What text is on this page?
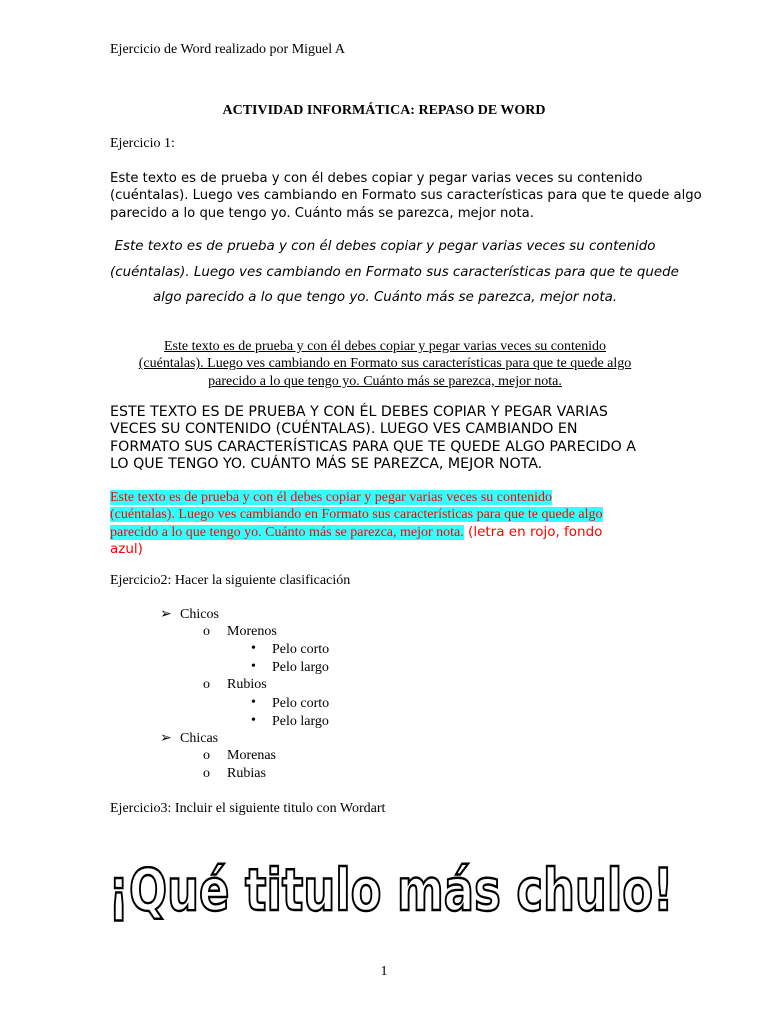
Ejercicio de Word realizado por Miguel A
ACTIVIDAD INFORMÁTICA: REPASO DE WORD
Ejercicio 1:
Este texto es de prueba y con él debes copiar y pegar varias veces su contenido
(cuéntalas). Luego ves cambiando en Formato sus características para que te quede algo
parecido a lo que tengo yo. Cuánto más se parezca, mejor nota.
Este texto es de prueba y con él debes copiar y pegar varias veces su contenido
(cuéntalas). Luego ves cambiando en Formato sus características para que te quede
algo parecido a lo que tengo yo. Cuánto más se parezca, mejor nota.
Este texto es de prueba y con él debes copiar y pegar varias veces su contenido
(cuéntalas). Luego ves cambiando en Formato sus características para que te quede algo
parecido a lo que tengo yo. Cuánto más se parezca, mejor nota.
ESTE TEXTO ES DE PRUEBA Y CON ÉL DEBES COPIAR Y PEGAR VARIAS
VECES SU CONTENIDO (CUÉNTALAS). LUEGO VES CAMBIANDO EN
FORMATO SUS CARACTERÍSTICAS PARA QUE TE QUEDE ALGO PARECIDO A
LO QUE TENGO YO. CUÁNTO MÁS SE PAREZCA, MEJOR NOTA.
Este texto es de prueba y con él debes copiar y pegar varias veces su contenido
(cuéntalas). Luego ves cambiando en Formato sus características para que te quede algo
parecido a lo que tengo yo. Cuánto más se parezca, mejor nota. (letra en rojo, fondo
azul)
Ejercicio2: Hacer la siguiente clasificación
➢ Chicos
o Morenos
• Pelo corto
• Pelo largo
o Rubios
• Pelo corto
• Pelo largo
➢ Chicas
o Morenas
o Rubias
Ejercicio3: Incluir el siguiente titulo con Wordart
¡Qué titulo más chulo!
1
